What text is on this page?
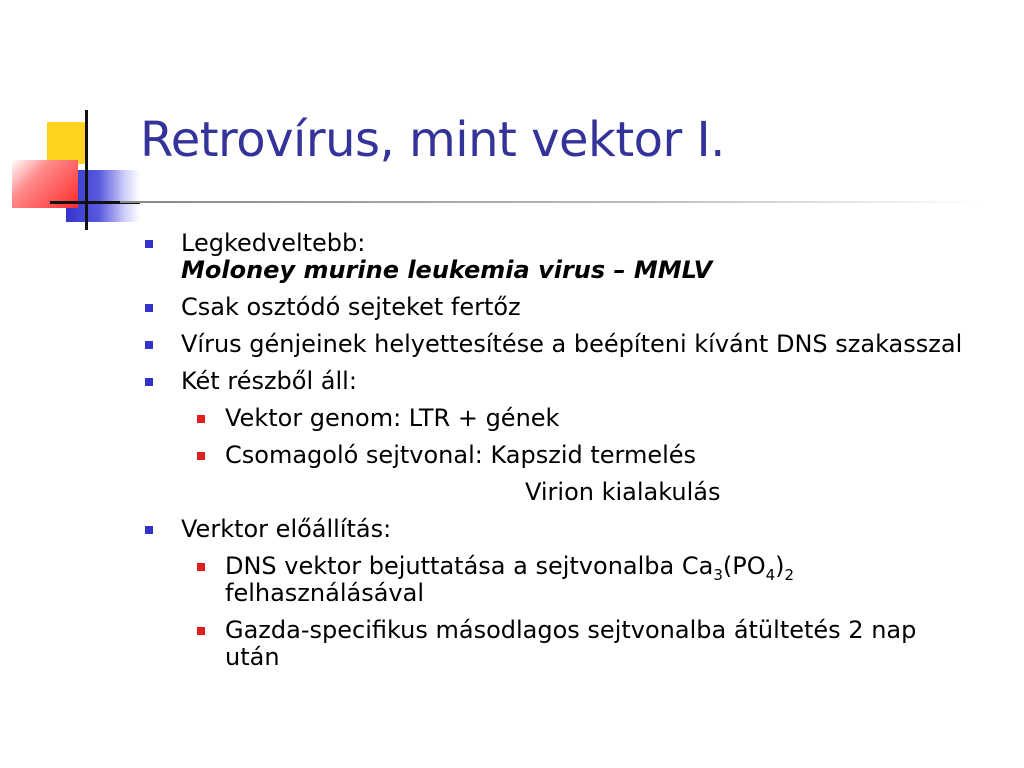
Retrovírus, mint vektor I.
Legkedveltebb:
Moloney murine leukemia virus – MMLV
Csak osztódó sejteket fertőz
Vírus génjeinek helyettesítése a beépíteni kívánt DNS szakasszal
Két részből áll:
Vektor genom: LTR + gének
Csomagoló sejtvonal: Kapszid termelés
Virion kialakulás
Verktor előállítás:
DNS vektor bejuttatása a sejtvonalba $Ca_3(PO_4)_2$ felhasználásával
Gazda-specifikus másodlagos sejtvonalba átültetés 2 nap után
